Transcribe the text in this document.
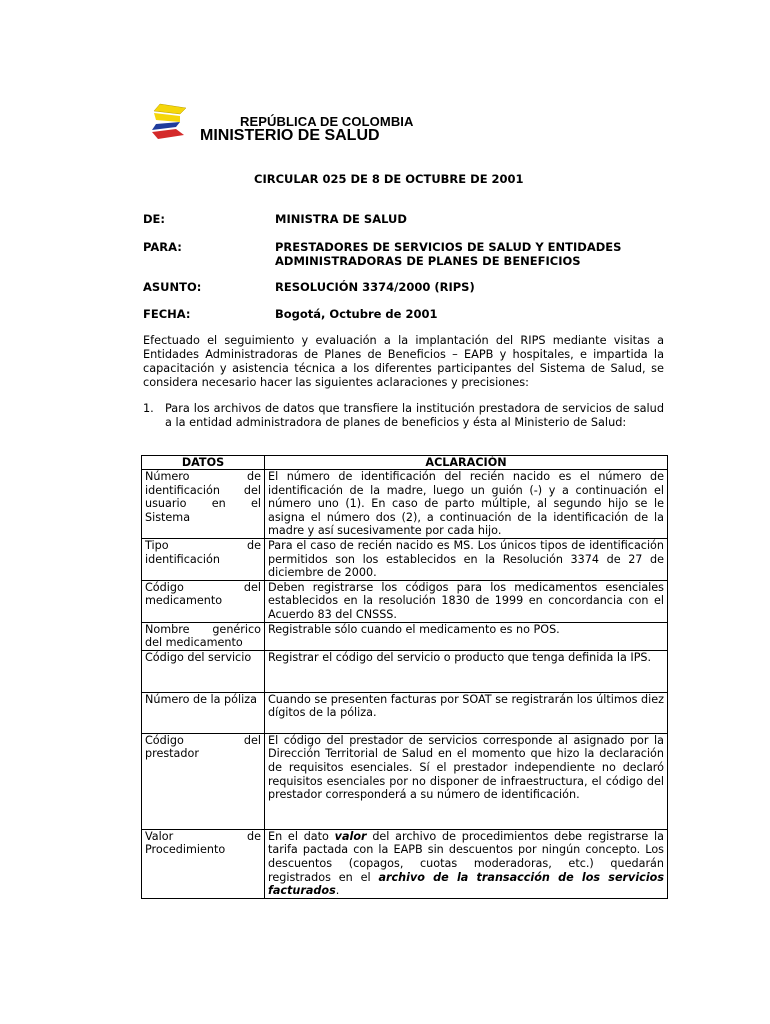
REPÚBLICA DE COLOMBIA
MINISTERIO DE SALUD
CIRCULAR 025 DE 8 DE OCTUBRE DE 2001
DE:	MINISTRA DE SALUD
PARA:	PRESTADORES DE SERVICIOS DE SALUD Y ENTIDADES
ADMINISTRADORAS DE PLANES DE BENEFICIOS
ASUNTO:	RESOLUCIÓN 3374/2000 (RIPS)
FECHA:	Bogotá, Octubre de 2001
Efectuado el seguimiento y evaluación a la implantación del RIPS mediante visitas a Entidades Administradoras de Planes de Beneficios – EAPB y hospitales, e impartida la capacitación y asistencia técnica a los diferentes participantes del Sistema de Salud, se considera necesario hacer las siguientes aclaraciones y precisiones:
1. Para los archivos de datos que transfiere la institución prestadora de servicios de salud a la entidad administradora de planes de beneficios y ésta al Ministerio de Salud:
DATOS	ACLARACIÓN
Número de identificación del usuario en el Sistema	El número de identificación del recién nacido es el número de identificación de la madre, luego un guión (-) y a continuación el número uno (1). En caso de parto múltiple, al segundo hijo se le asigna el número dos (2), a continuación de la identificación de la madre y así sucesivamente por cada hijo.
Tipo de identificación	Para el caso de recién nacido es MS. Los únicos tipos de identificación permitidos son los establecidos en la Resolución 3374 de 27 de diciembre de 2000.
Código del medicamento	Deben registrarse los códigos para los medicamentos esenciales establecidos en la resolución 1830 de 1999 en concordancia con el Acuerdo 83 del CNSSS.
Nombre genérico del medicamento	Registrable sólo cuando el medicamento es no POS.
Código del servicio	Registrar el código del servicio o producto que tenga definida la IPS.
Número de la póliza	Cuando se presenten facturas por SOAT se registrarán los últimos diez dígitos de la póliza.
Código del prestador	El código del prestador de servicios corresponde al asignado por la Dirección Territorial de Salud en el momento que hizo la declaración de requisitos esenciales. Sí el prestador independiente no declaró requisitos esenciales por no disponer de infraestructura, el código del prestador corresponderá a su número de identificación.
Valor de Procedimiento	En el dato valor del archivo de procedimientos debe registrarse la tarifa pactada con la EAPB sin descuentos por ningún concepto. Los descuentos (copagos, cuotas moderadoras, etc.) quedarán registrados en el archivo de la transacción de los servicios facturados.
